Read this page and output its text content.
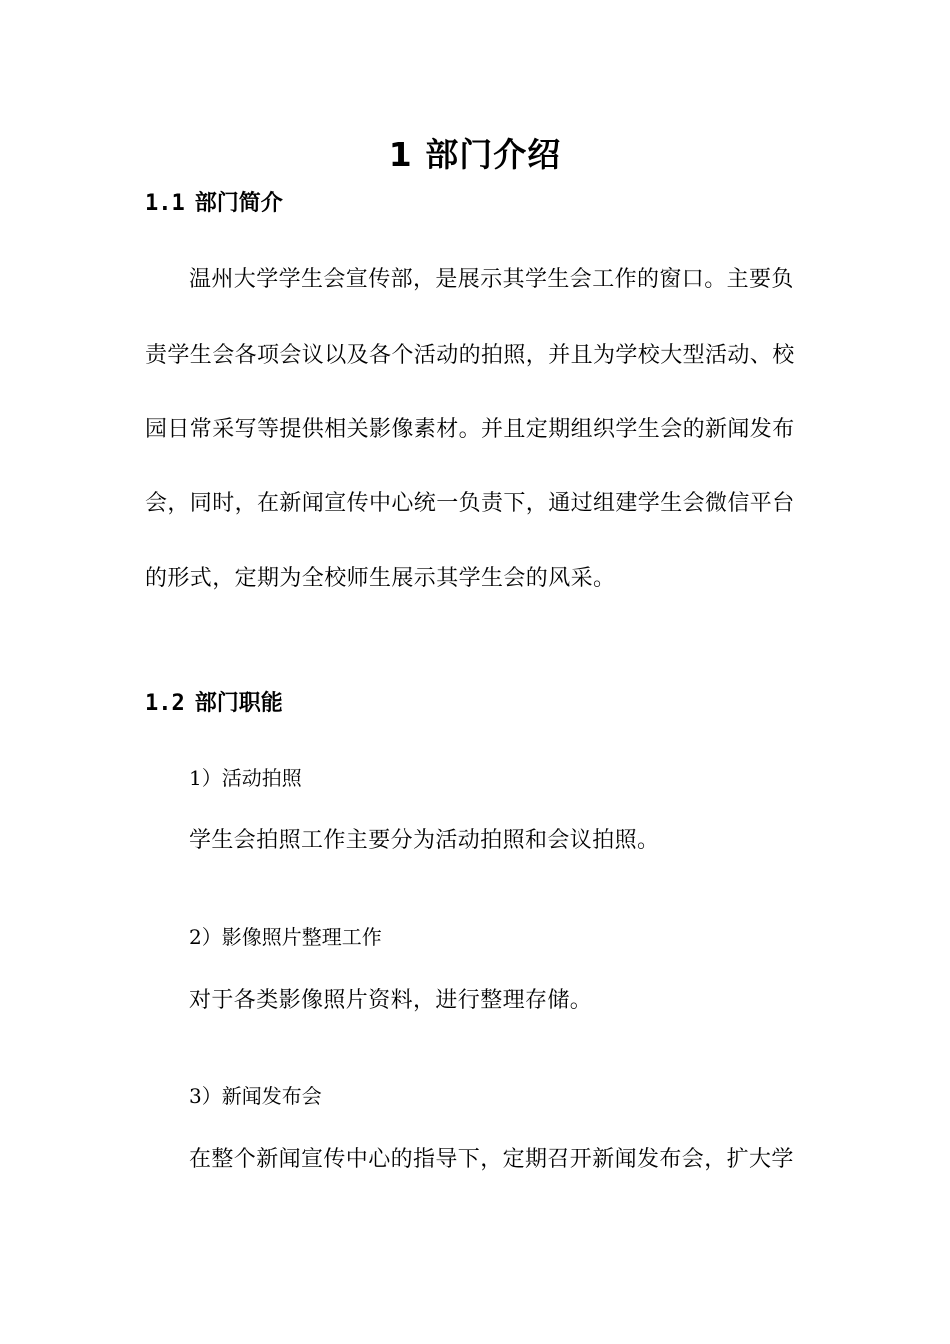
1 部门介绍
1.1 部门简介
温州大学学生会宣传部，是展示其学生会工作的窗口。主要负
责学生会各项会议以及各个活动的拍照，并且为学校大型活动、校
园日常采写等提供相关影像素材。并且定期组织学生会的新闻发布
会，同时，在新闻宣传中心统一负责下，通过组建学生会微信平台
的形式，定期为全校师生展示其学生会的风采。
1.2 部门职能
1）活动拍照
学生会拍照工作主要分为活动拍照和会议拍照。
2）影像照片整理工作
对于各类影像照片资料，进行整理存储。
3）新闻发布会
在整个新闻宣传中心的指导下，定期召开新闻发布会，扩大学
